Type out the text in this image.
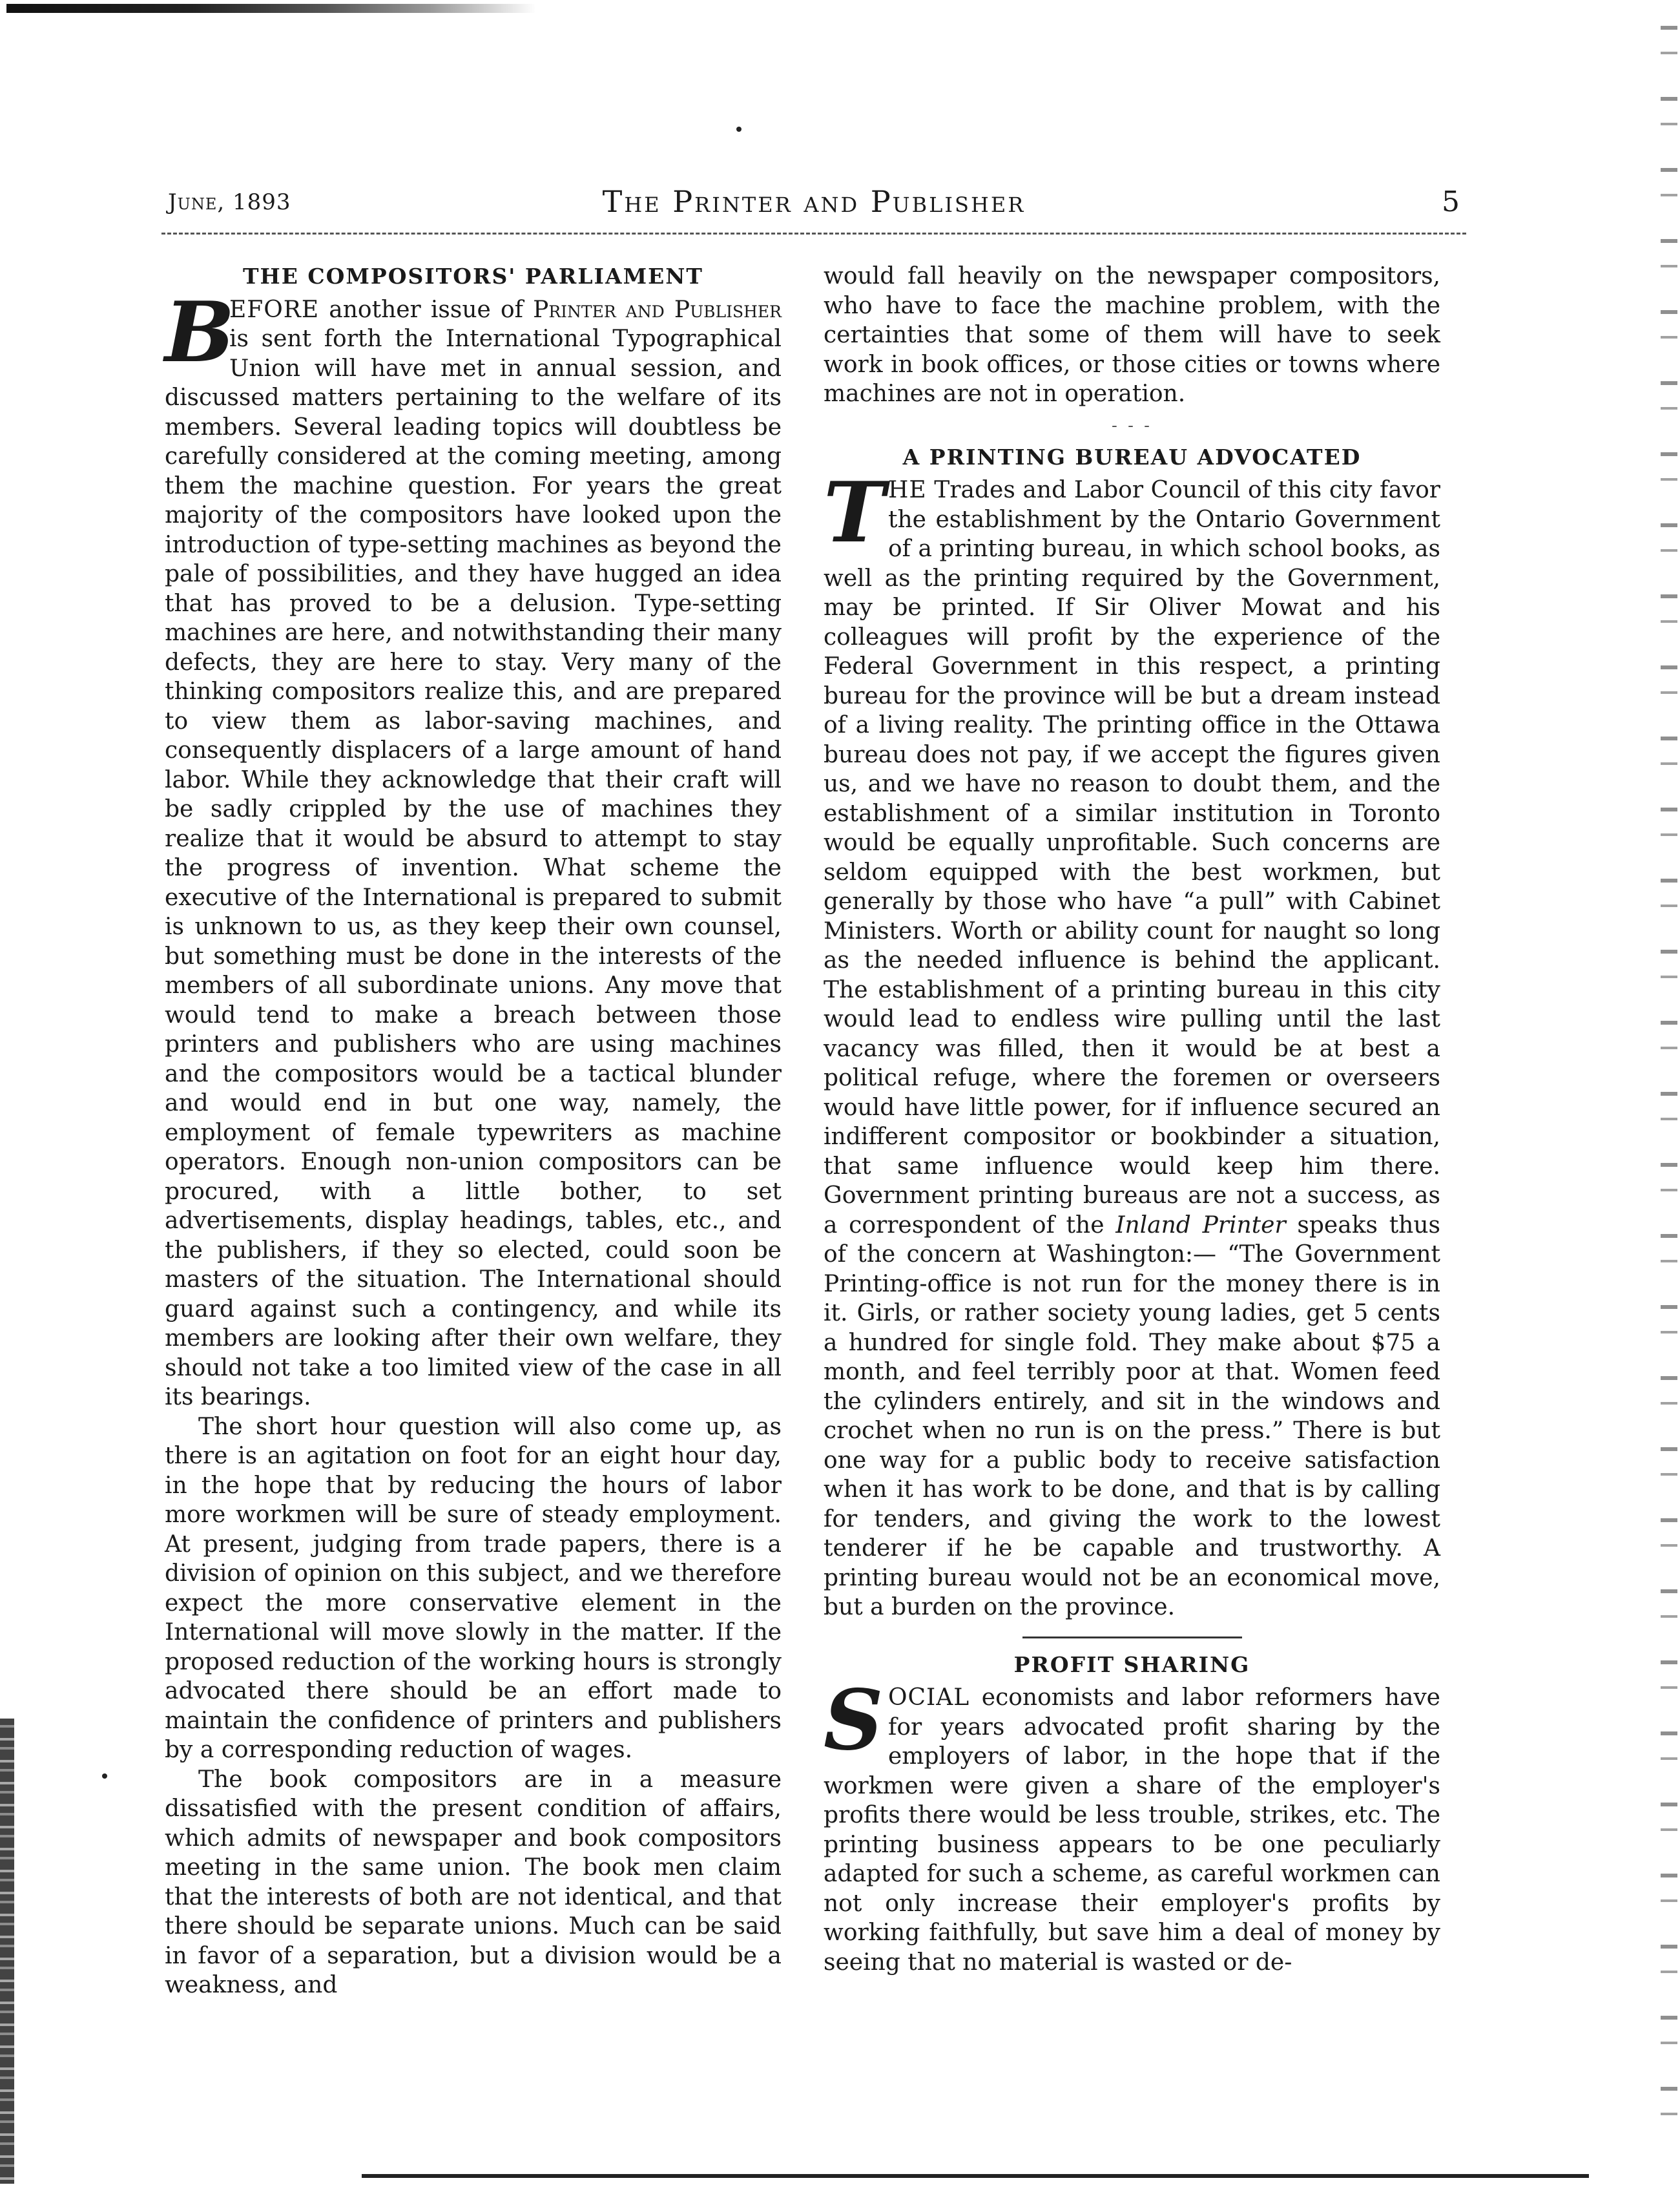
June, 1893	The Printer and Publisher	5
THE COMPOSITORS' PARLIAMENT

B
EFORE another issue of Printer and Publisher is sent forth the International Typographical Union will have met in annual session, and discussed matters pertaining to the welfare of its members. Several leading topics will doubtless be carefully considered at the coming meeting, among them the machine question. For years the great majority of the compositors have looked upon the introduction of type-setting machines as beyond the pale of possibilities, and they have hugged an idea that has proved to be a delusion. Type-setting machines are here, and notwithstanding their many defects, they are here to stay. Very many of the thinking compositors realize this, and are prepared to view them as labor-saving machines, and consequently displacers of a large amount of hand labor. While they acknowledge that their craft will be sadly crippled by the use of machines they realize that it would be absurd to attempt to stay the progress of invention. What scheme the executive of the International is prepared to submit is unknown to us, as they keep their own counsel, but something must be done in the interests of the members of all subordinate unions. Any move that would tend to make a breach between those printers and publishers who are using machines and the compositors would be a tactical blunder and would end in but one way, namely, the employment of female typewriters as machine operators. Enough non-union compositors can be procured, with a little bother, to set advertisements, display headings, tables, etc., and the publishers, if they so elected, could soon be masters of the situation. The International should guard against such a contingency, and while its members are looking after their own welfare, they should not take a too limited view of the case in all its bearings.

The short hour question will also come up, as there is an agitation on foot for an eight hour day, in the hope that by reducing the hours of labor more workmen will be sure of steady employment. At present, judging from trade papers, there is a division of opinion on this subject, and we therefore expect the more conservative element in the International will move slowly in the matter. If the proposed reduction of the working hours is strongly advocated there should be an effort made to maintain the confidence of printers and publishers by a corresponding reduction of wages.

The book compositors are in a measure dissatisfied with the present condition of affairs, which admits of newspaper and book compositors meeting in the same union. The book men claim that the interests of both are not identical, and that there should be separate unions. Much can be said in favor of a separation, but a division would be a weakness, and

would fall heavily on the newspaper compositors, who have to face the machine problem, with the certainties that some of them will have to seek work in book offices, or those cities or towns where machines are not in operation.

- - -
A PRINTING BUREAU ADVOCATED

THE Trades and Labor Council of this city favor the establishment by the Ontario Government of a printing bureau, in which school books, as well as the printing required by the Government, may be printed. If Sir Oliver Mowat and his colleagues will profit by the experience of the Federal Government in this respect, a printing bureau for the province will be but a dream instead of a living reality. The printing office in the Ottawa bureau does not pay, if we accept the figures given us, and we have no reason to doubt them, and the establishment of a similar institution in Toronto would be equally unprofitable. Such concerns are seldom equipped with the best workmen, but generally by those who have “a pull” with Cabinet Ministers. Worth or ability count for naught so long as the needed influence is behind the applicant. The establishment of a printing bureau in this city would lead to endless wire pulling until the last vacancy was filled, then it would be at best a political refuge, where the foremen or overseers would have little power, for if influence secured an indifferent compositor or bookbinder a situation, that same influence would keep him there. Government printing bureaus are not a success, as a correspondent of the Inland Printer speaks thus of the concern at Washington:— “The Government Printing-office is not run for the money there is in it. Girls, or rather society young ladies, get 5 cents a hundred for single fold. They make about $75 a month, and feel terribly poor at that. Women feed the cylinders entirely, and sit in the windows and crochet when no run is on the press.” There is but one way for a public body to receive satisfaction when it has work to be done, and that is by calling for tenders, and giving the work to the lowest tenderer if he be capable and trustworthy. A printing bureau would not be an economical move, but a burden on the province.

PROFIT SHARING

SOCIAL economists and labor reformers have for years advocated profit sharing by the employers of labor, in the hope that if the workmen were given a share of the employer's profits there would be less trouble, strikes, etc. The printing business appears to be one peculiarly adapted for such a scheme, as careful workmen can not only increase their employer's profits by working faithfully, but save him a deal of money by seeing that no material is wasted or de-
